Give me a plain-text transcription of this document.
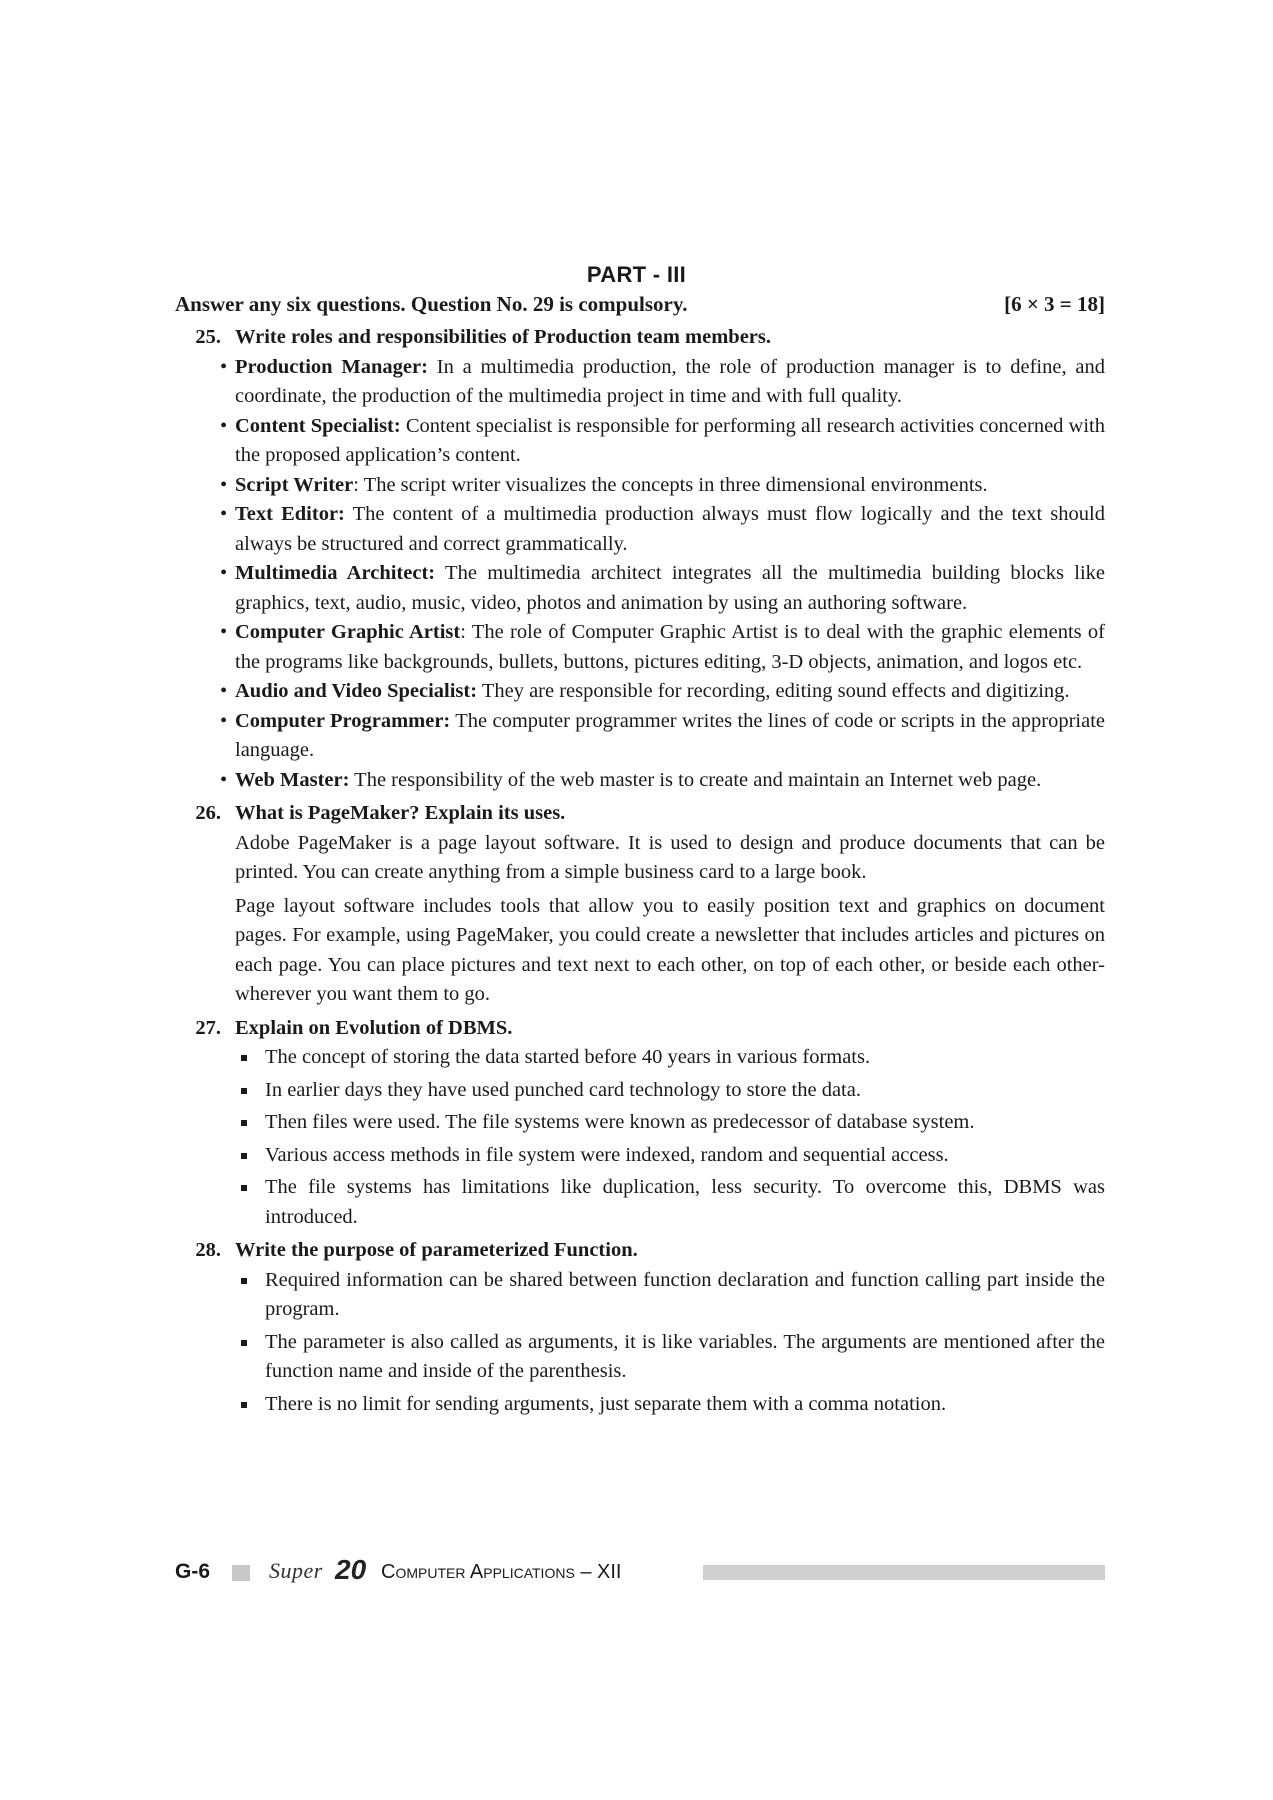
PART - III
Answer any six questions. Question No. 29 is compulsory.	[6 × 3 = 18]
25. Write roles and responsibilities of Production team members.
• Production Manager: In a multimedia production, the role of production manager is to define, and coordinate, the production of the multimedia project in time and with full quality.
• Content Specialist: Content specialist is responsible for performing all research activities concerned with the proposed application’s content.
• Script Writer: The script writer visualizes the concepts in three dimensional environments.
• Text Editor: The content of a multimedia production always must flow logically and the text should always be structured and correct grammatically.
• Multimedia Architect: The multimedia architect integrates all the multimedia building blocks like graphics, text, audio, music, video, photos and animation by using an authoring software.
• Computer Graphic Artist: The role of Computer Graphic Artist is to deal with the graphic elements of the programs like backgrounds, bullets, buttons, pictures editing, 3-D objects, animation, and logos etc.
• Audio and Video Specialist: They are responsible for recording, editing sound effects and digitizing.
• Computer Programmer: The computer programmer writes the lines of code or scripts in the appropriate language.
• Web Master: The responsibility of the web master is to create and maintain an Internet web page.
26. What is PageMaker? Explain its uses.

Adobe PageMaker is a page layout software. It is used to design and produce documents that can be printed. You can create anything from a simple business card to a large book.

Page layout software includes tools that allow you to easily position text and graphics on document pages. For example, using PageMaker, you could create a newsletter that includes articles and pictures on each page. You can place pictures and text next to each other, on top of each other, or beside each other-wherever you want them to go.

27. Explain on Evolution of DBMS.
The concept of storing the data started before 40 years in various formats.
In earlier days they have used punched card technology to store the data.
Then files were used. The file systems were known as predecessor of database system.
Various access methods in file system were indexed, random and sequential access.
The file systems has limitations like duplication, less security. To overcome this, DBMS was introduced.
28. Write the purpose of parameterized Function.
Required information can be shared between function declaration and function calling part inside the program.
The parameter is also called as arguments, it is like variables. The arguments are mentioned after the function name and inside of the parenthesis.
There is no limit for sending arguments, just separate them with a comma notation.
G-6	Super 20 Computer Applications – XII
